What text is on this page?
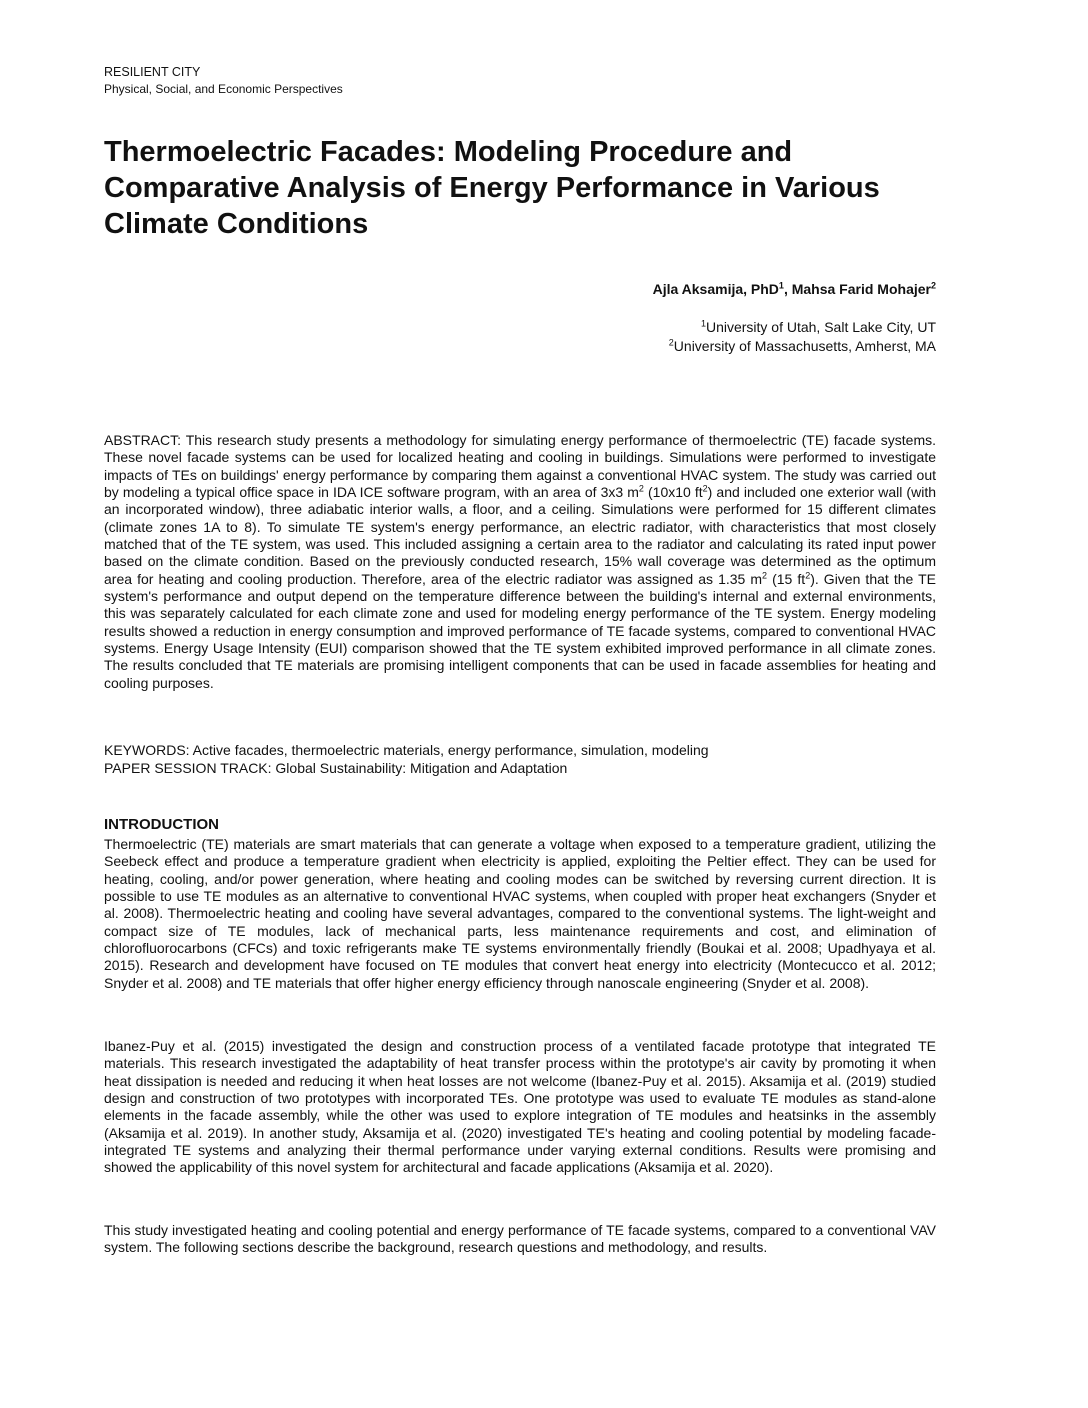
RESILIENT CITY
Physical, Social, and Economic Perspectives
Thermoelectric Facades: Modeling Procedure and Comparative Analysis of Energy Performance in Various Climate Conditions
Ajla Aksamija, PhD$^1$, Mahsa Farid Mohajer$^2$
$^1$University of Utah, Salt Lake City, UT
$^2$University of Massachusetts, Amherst, MA

ABSTRACT: This research study presents a methodology for simulating energy performance of thermoelectric (TE) facade systems. These novel facade systems can be used for localized heating and cooling in buildings. Simulations were performed to investigate impacts of TEs on buildings' energy performance by comparing them against a conventional HVAC system. The study was carried out by modeling a typical office space in IDA ICE software program, with an area of 3x3 $m^2$ (10x10 $ft^2$) and included one exterior wall (with an incorporated window), three adiabatic interior walls, a floor, and a ceiling. Simulations were performed for 15 different climates (climate zones 1A to 8). To simulate TE system's energy performance, an electric radiator, with characteristics that most closely matched that of the TE system, was used. This included assigning a certain area to the radiator and calculating its rated input power based on the climate condition. Based on the previously conducted research, 15% wall coverage was determined as the optimum area for heating and cooling production. Therefore, area of the electric radiator was assigned as 1.35 $m^2$ (15 $ft^2$). Given that the TE system's performance and output depend on the temperature difference between the building's internal and external environments, this was separately calculated for each climate zone and used for modeling energy performance of the TE system. Energy modeling results showed a reduction in energy consumption and improved performance of TE facade systems, compared to conventional HVAC systems. Energy Usage Intensity (EUI) comparison showed that the TE system exhibited improved performance in all climate zones. The results concluded that TE materials are promising intelligent components that can be used in facade assemblies for heating and cooling purposes.

KEYWORDS: Active facades, thermoelectric materials, energy performance, simulation, modeling

PAPER SESSION TRACK: Global Sustainability: Mitigation and Adaptation

INTRODUCTION

Thermoelectric (TE) materials are smart materials that can generate a voltage when exposed to a temperature gradient, utilizing the Seebeck effect and produce a temperature gradient when electricity is applied, exploiting the Peltier effect. They can be used for heating, cooling, and/or power generation, where heating and cooling modes can be switched by reversing current direction. It is possible to use TE modules as an alternative to conventional HVAC systems, when coupled with proper heat exchangers (Snyder et al. 2008). Thermoelectric heating and cooling have several advantages, compared to the conventional systems. The light-weight and compact size of TE modules, lack of mechanical parts, less maintenance requirements and cost, and elimination of chlorofluorocarbons (CFCs) and toxic refrigerants make TE systems environmentally friendly (Boukai et al. 2008; Upadhyaya et al. 2015). Research and development have focused on TE modules that convert heat energy into electricity (Montecucco et al. 2012; Snyder et al. 2008) and TE materials that offer higher energy efficiency through nanoscale engineering (Snyder et al. 2008).

Ibanez-Puy et al. (2015) investigated the design and construction process of a ventilated facade prototype that integrated TE materials. This research investigated the adaptability of heat transfer process within the prototype's air cavity by promoting it when heat dissipation is needed and reducing it when heat losses are not welcome (Ibanez-Puy et al. 2015). Aksamija et al. (2019) studied design and construction of two prototypes with incorporated TEs. One prototype was used to evaluate TE modules as stand-alone elements in the facade assembly, while the other was used to explore integration of TE modules and heatsinks in the assembly (Aksamija et al. 2019). In another study, Aksamija et al. (2020) investigated TE's heating and cooling potential by modeling facade-integrated TE systems and analyzing their thermal performance under varying external conditions. Results were promising and showed the applicability of this novel system for architectural and facade applications (Aksamija et al. 2020).

This study investigated heating and cooling potential and energy performance of TE facade systems, compared to a conventional VAV system. The following sections describe the background, research questions and methodology, and results.
